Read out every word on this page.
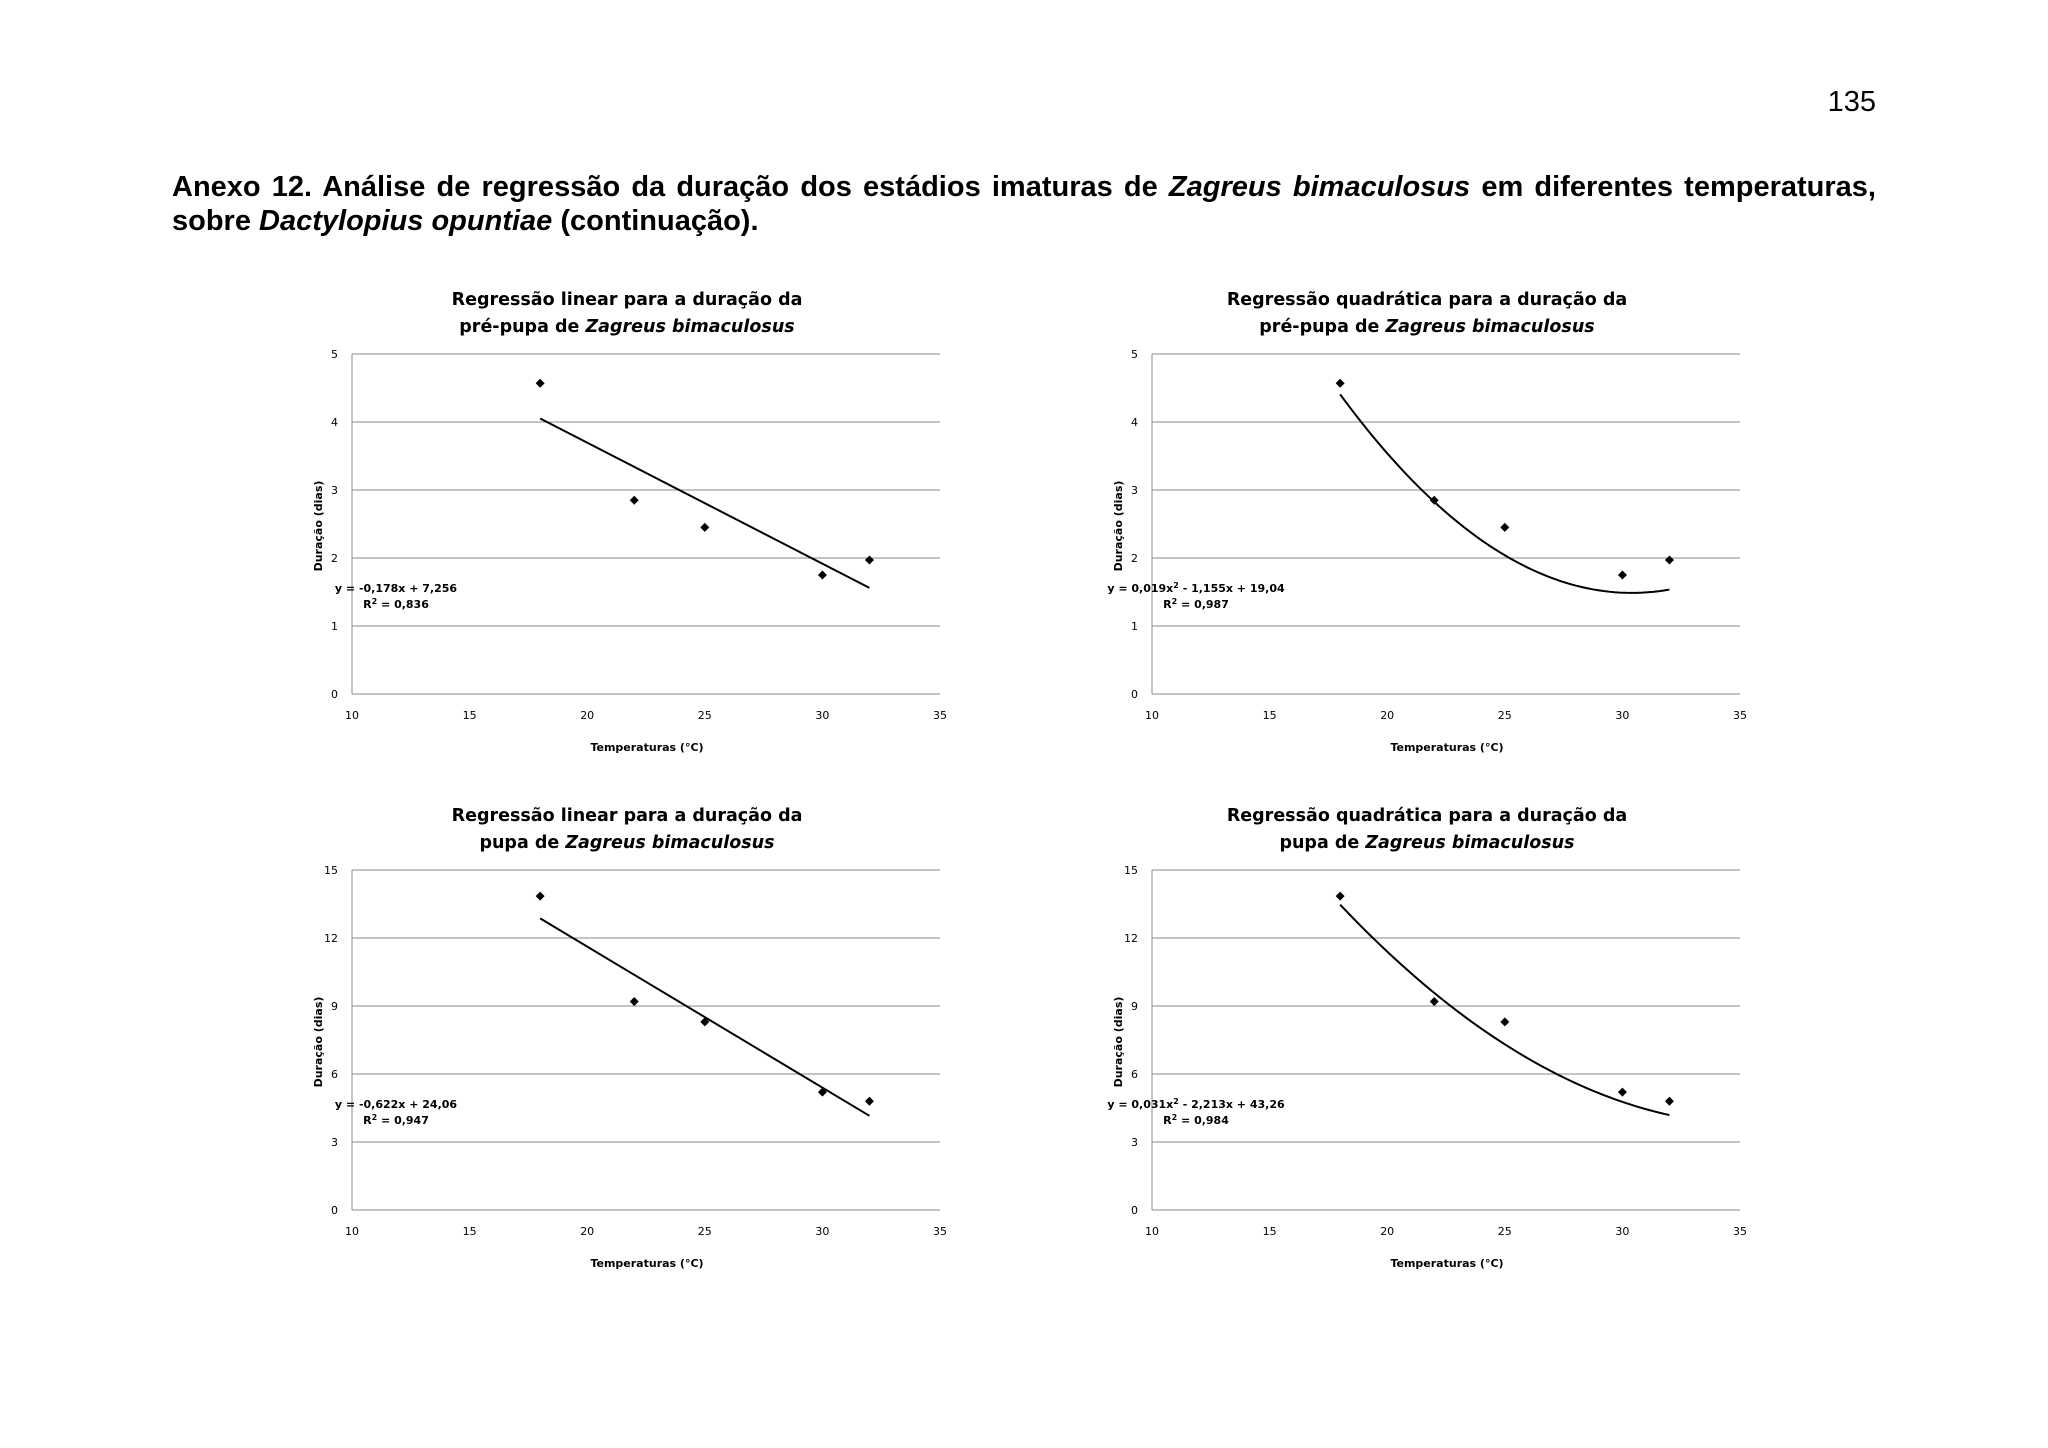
135
Anexo 12. Análise de regressão da duração dos estádios imaturas de Zagreus bimaculosus em diferentes temperaturas, sobre Dactylopius opuntiae (continuação).
Regressão linear para a duração da
pré-pupa de Zagreus bimaculosus
0
1
2
3
4
5
10	15	20	25	30	35
Temperaturas (°C)
Duração (dias)
y = -0,178x + 7,256
$R^2 = 0,836$
Regressão quadrática para a duração da
pré-pupa de Zagreus bimaculosus
0
1
2
3
4
5
10	15	20	25	30	35
Temperaturas (°C)
Duração (dias)
$y = 0,019x^2 - 1,155x + 19,04$
$R^2 = 0,987$
Regressão linear para a duração da
pupa de Zagreus bimaculosus
0
3
6
9
12
15
10	15	20	25	30	35
Temperaturas (°C)
Duração (dias)
y = -0,622x + 24,06
$R^2 = 0,947$
Regressão quadrática para a duração da
pupa de Zagreus bimaculosus
0
3
6
9
12
15
10	15	20	25	30	35
Temperaturas (°C)
Duração (dias)
$y = 0,031x^2 - 2,213x + 43,26$
$R^2 = 0,984$
